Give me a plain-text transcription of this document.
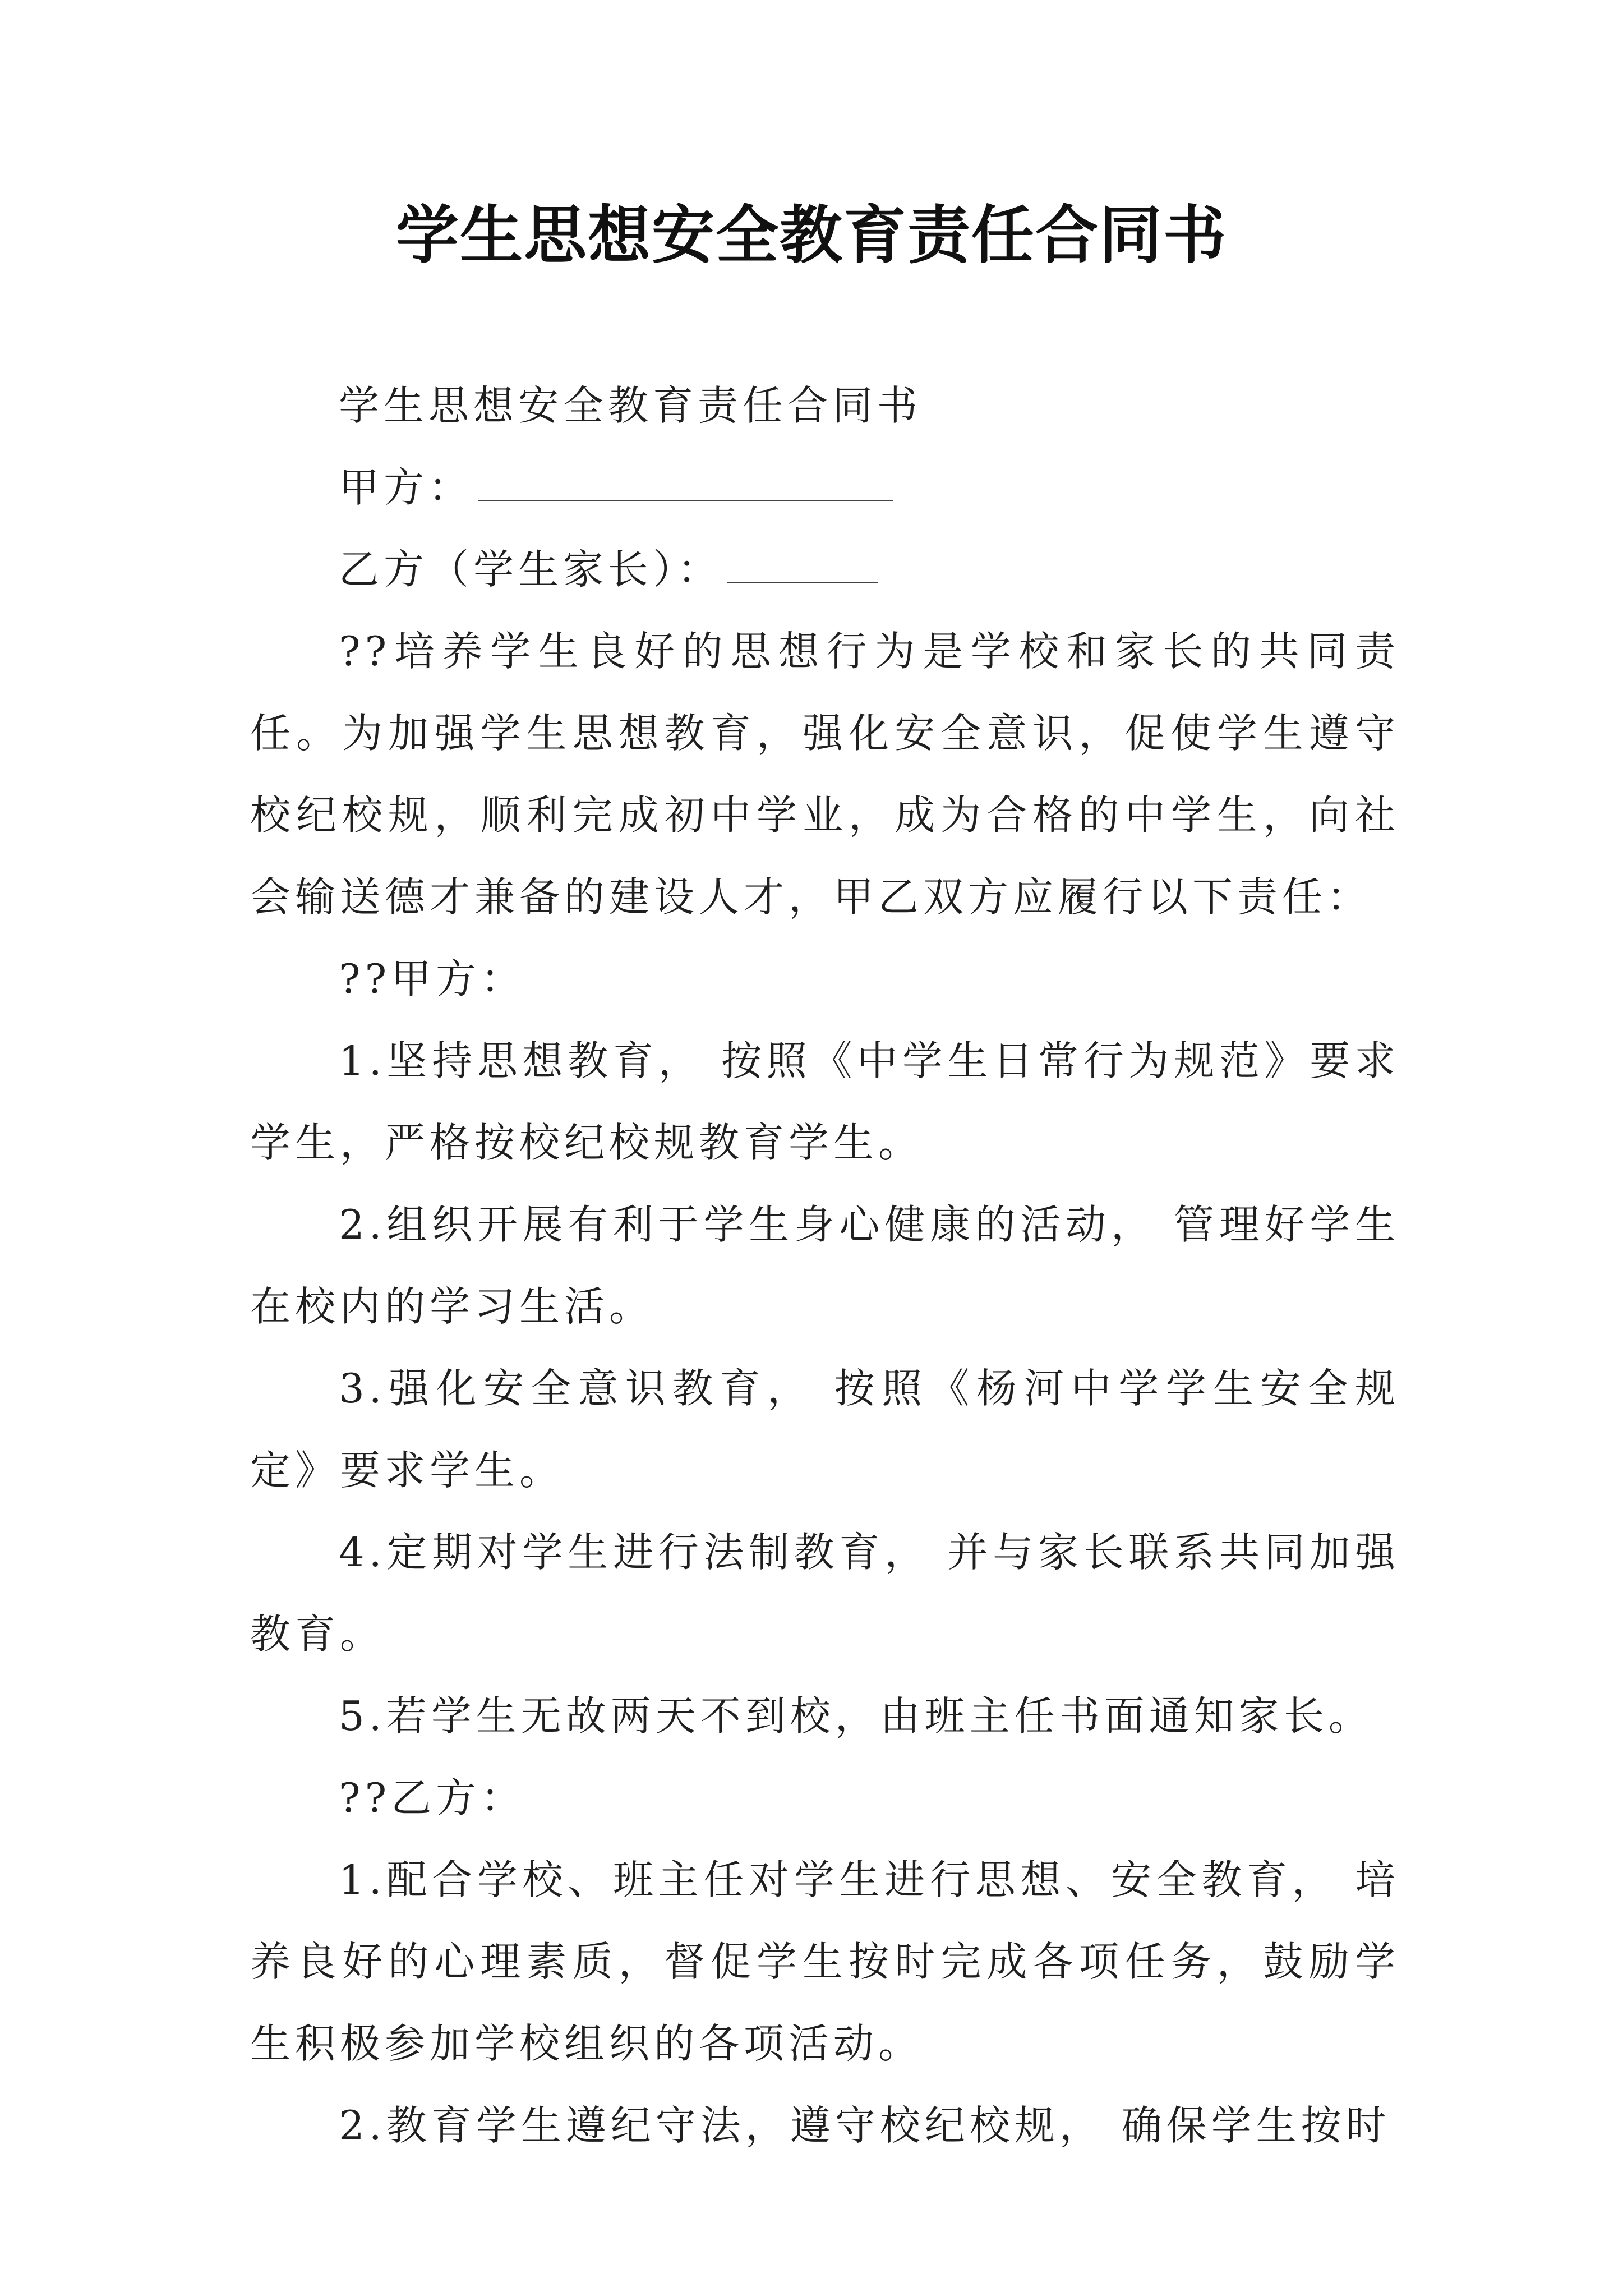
学生思想安全教育责任合同书

学生思想安全教育责任合同书

甲方：

乙方（学生家长）：

??培养学生良好的思想行为是学校和家长的共同责任。为加强学生思想教育，强化安全意识，促使学生遵守校纪校规，顺利完成初中学业，成为合格的中学生，向社会输送德才兼备的建设人才，甲乙双方应履行以下责任：

??甲方：

1.坚持思想教育， 按照《中学生日常行为规范》要求学生，严格按校纪校规教育学生。

2.组织开展有利于学生身心健康的活动， 管理好学生在校内的学习生活。

3.强化安全意识教育， 按照《杨河中学学生安全规定》要求学生。

4.定期对学生进行法制教育， 并与家长联系共同加强教育。

5.若学生无故两天不到校，由班主任书面通知家长。

??乙方：

1.配合学校、班主任对学生进行思想、安全教育， 培养良好的心理素质，督促学生按时完成各项任务，鼓励学生积极参加学校组织的各项活动。

2.教育学生遵纪守法，遵守校纪校规， 确保学生按时
